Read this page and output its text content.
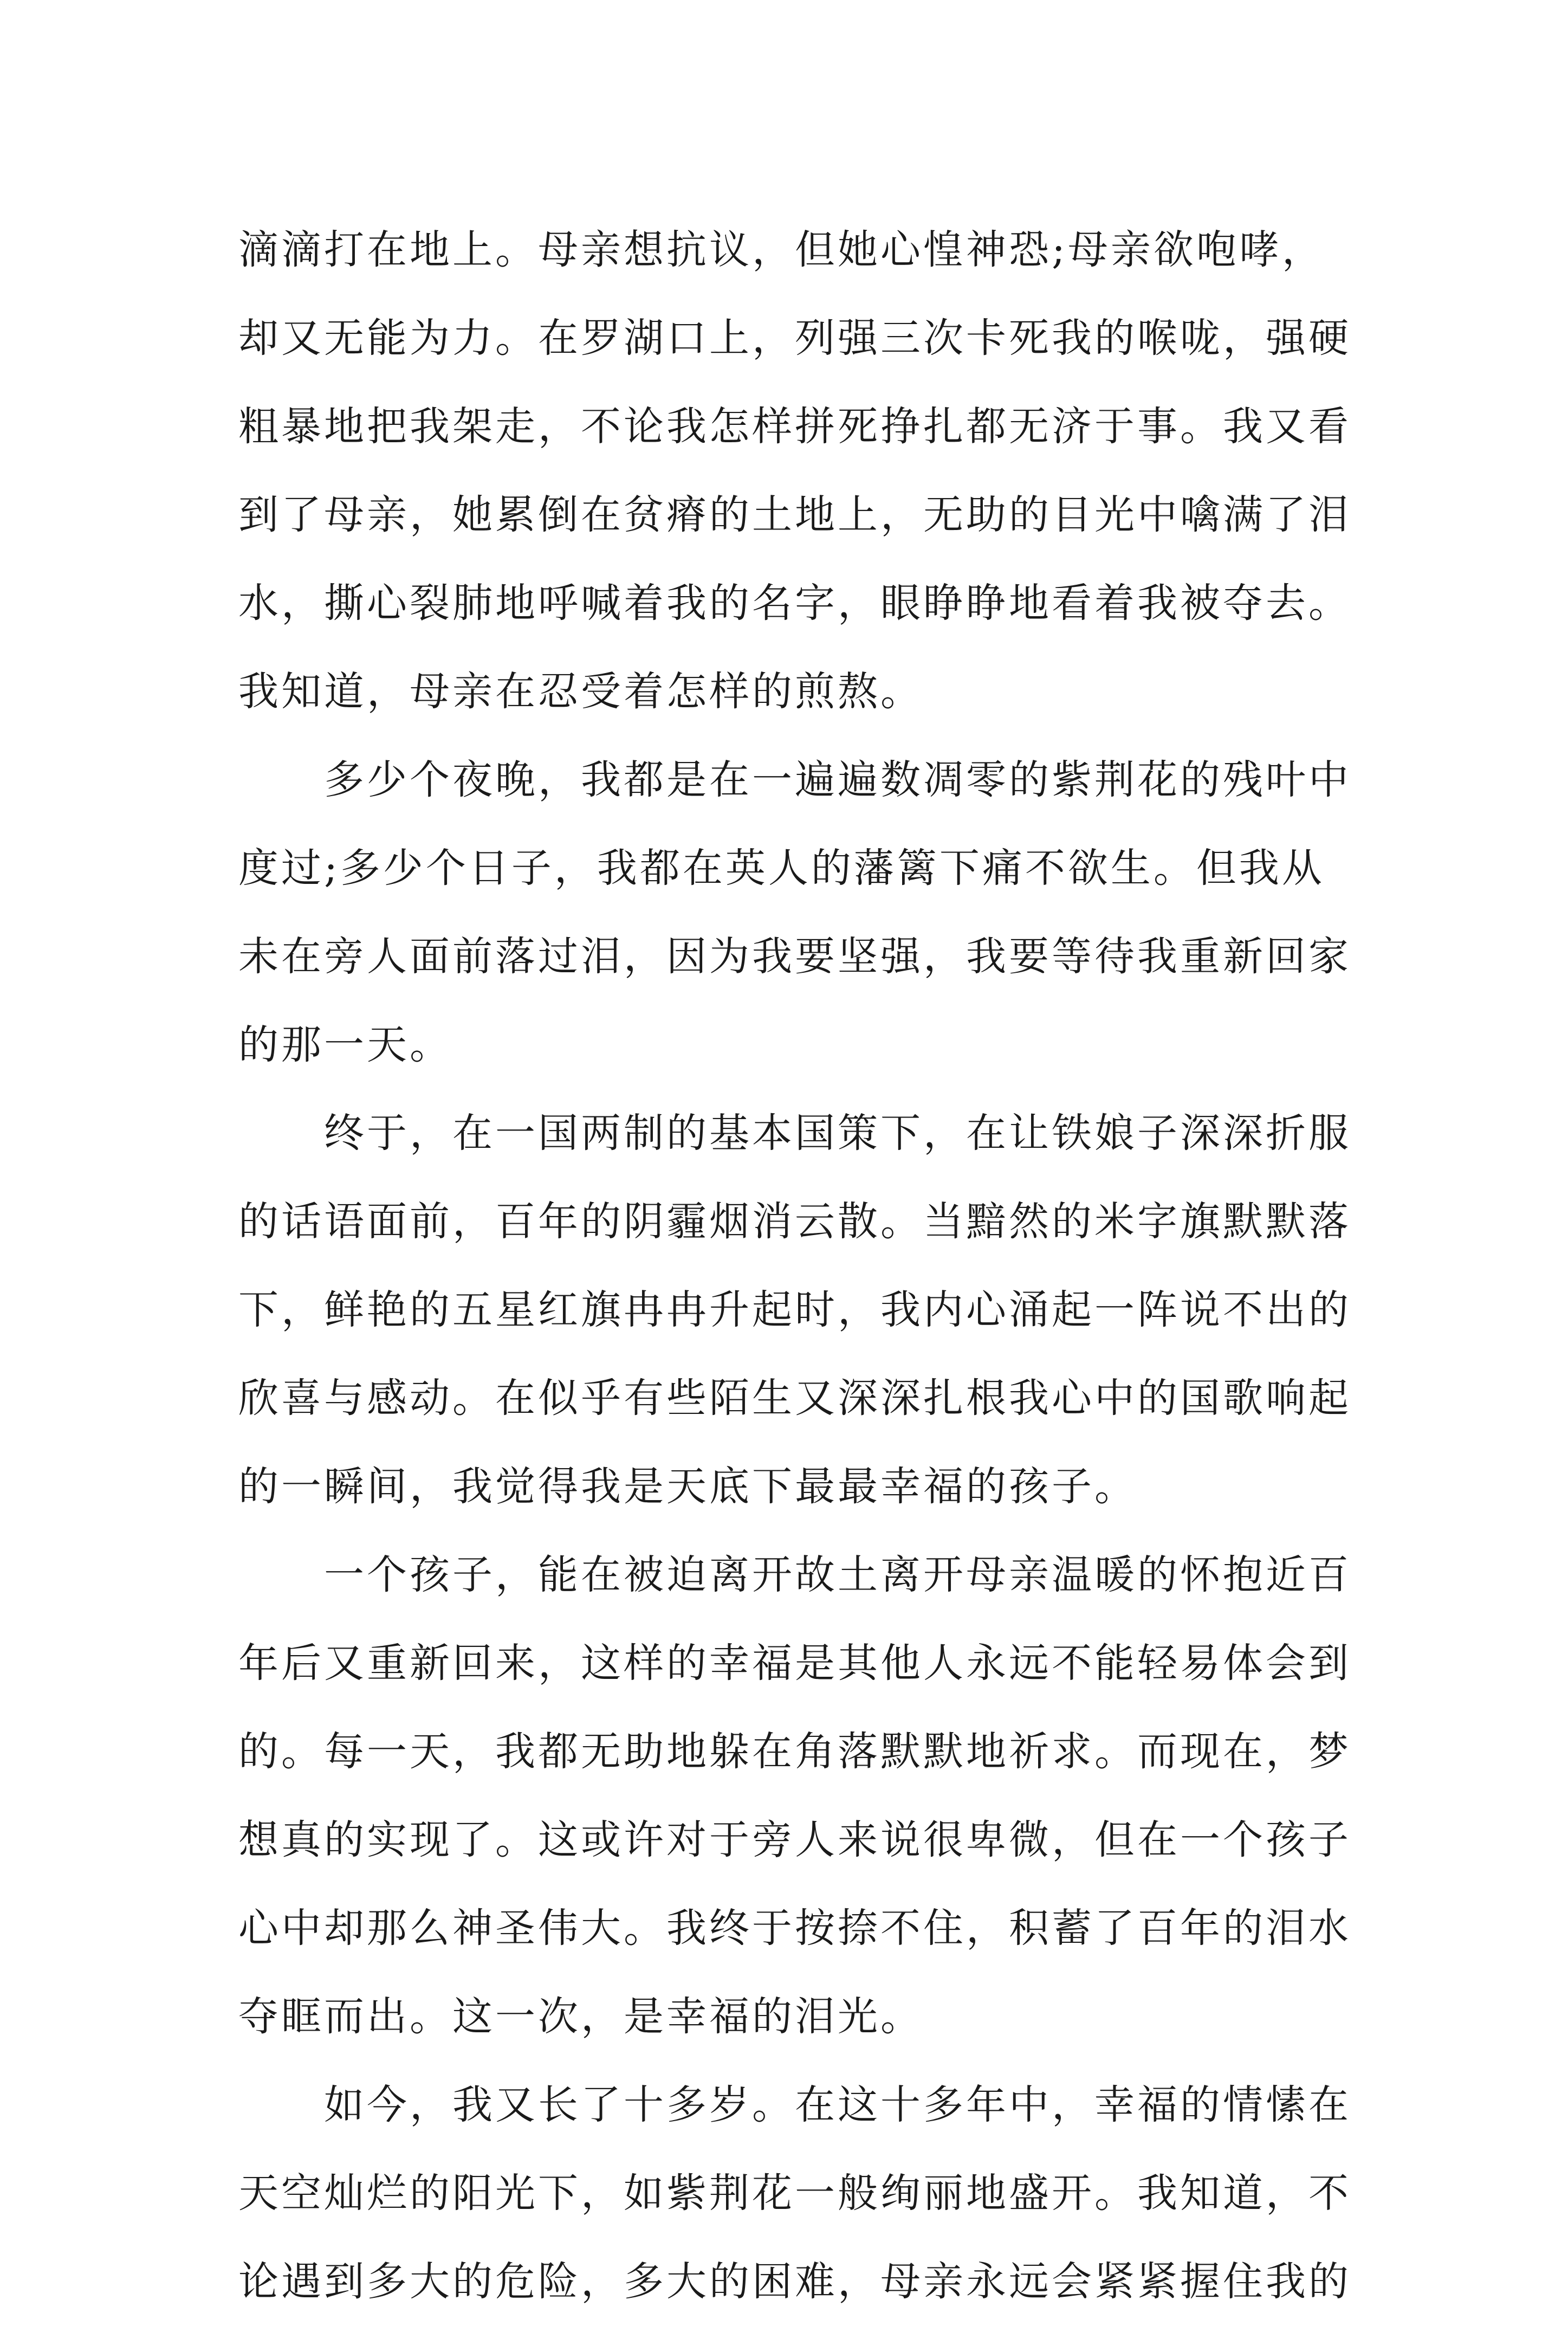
滴滴打在地上。母亲想抗议，但她心惶神恐;母亲欲咆哮，
却又无能为力。在罗湖口上，列强三次卡死我的喉咙，强硬
粗暴地把我架走，不论我怎样拼死挣扎都无济于事。我又看
到了母亲，她累倒在贫瘠的土地上，无助的目光中噙满了泪
水，撕心裂肺地呼喊着我的名字，眼睁睁地看着我被夺去。
我知道，母亲在忍受着怎样的煎熬。
多少个夜晚，我都是在一遍遍数凋零的紫荆花的残叶中
度过;多少个日子，我都在英人的藩篱下痛不欲生。但我从
未在旁人面前落过泪，因为我要坚强，我要等待我重新回家
的那一天。
终于，在一国两制的基本国策下，在让铁娘子深深折服
的话语面前，百年的阴霾烟消云散。当黯然的米字旗默默落
下，鲜艳的五星红旗冉冉升起时，我内心涌起一阵说不出的
欣喜与感动。在似乎有些陌生又深深扎根我心中的国歌响起
的一瞬间，我觉得我是天底下最最幸福的孩子。
一个孩子，能在被迫离开故土离开母亲温暖的怀抱近百
年后又重新回来，这样的幸福是其他人永远不能轻易体会到
的。每一天，我都无助地躲在角落默默地祈求。而现在，梦
想真的实现了。这或许对于旁人来说很卑微，但在一个孩子
心中却那么神圣伟大。我终于按捺不住，积蓄了百年的泪水
夺眶而出。这一次，是幸福的泪光。
如今，我又长了十多岁。在这十多年中，幸福的情愫在
天空灿烂的阳光下，如紫荆花一般绚丽地盛开。我知道，不
论遇到多大的危险，多大的困难，母亲永远会紧紧握住我的
